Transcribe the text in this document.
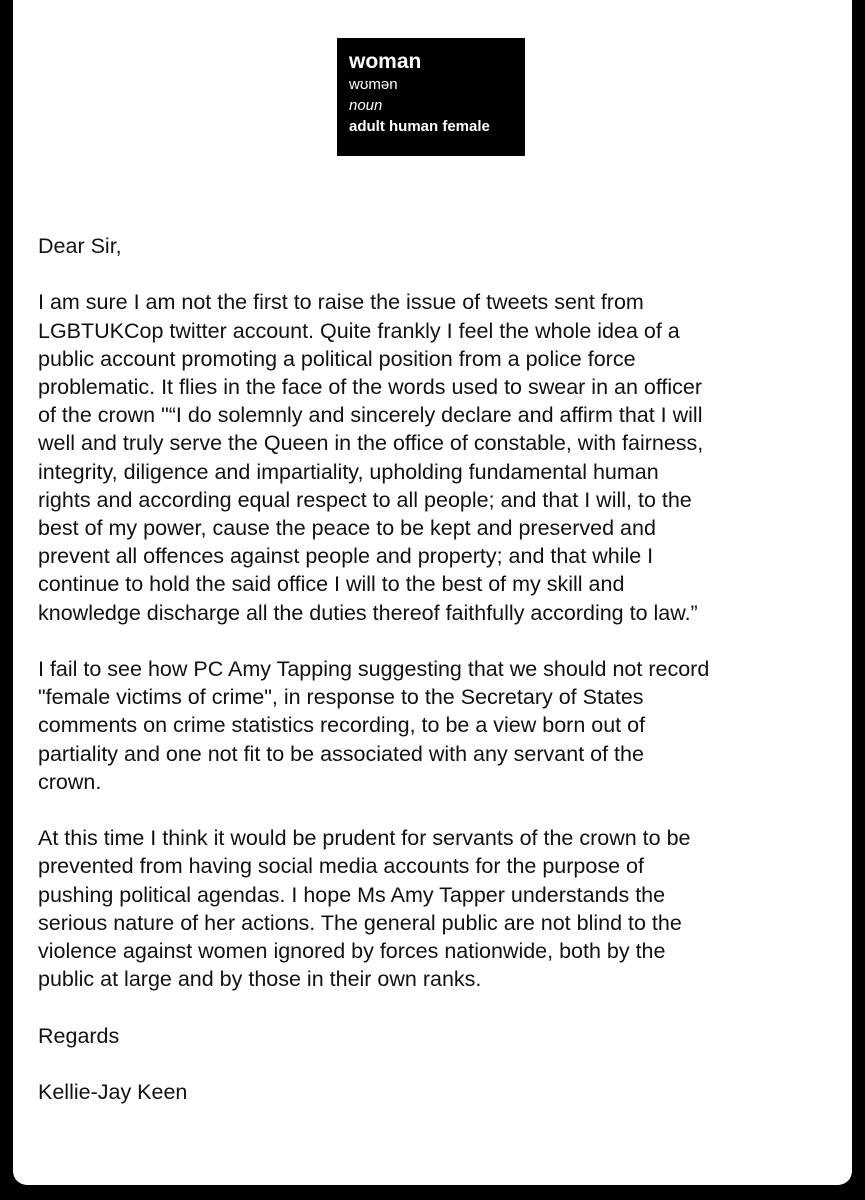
woman
wʊmən
noun
adult human female

Dear Sir,

I am sure I am not the first to raise the issue of tweets sent from
LGBTUKCop twitter account. Quite frankly I feel the whole idea of a
public account promoting a political position from a police force
problematic. It flies in the face of the words used to swear in an officer
of the crown "“I do solemnly and sincerely declare and affirm that I will
well and truly serve the Queen in the office of constable, with fairness,
integrity, diligence and impartiality, upholding fundamental human
rights and according equal respect to all people; and that I will, to the
best of my power, cause the peace to be kept and preserved and
prevent all offences against people and property; and that while I
continue to hold the said office I will to the best of my skill and
knowledge discharge all the duties thereof faithfully according to law.”

I fail to see how PC Amy Tapping suggesting that we should not record
"female victims of crime", in response to the Secretary of States
comments on crime statistics recording, to be a view born out of
partiality and one not fit to be associated with any servant of the
crown.

At this time I think it would be prudent for servants of the crown to be
prevented from having social media accounts for the purpose of
pushing political agendas. I hope Ms Amy Tapper understands the
serious nature of her actions. The general public are not blind to the
violence against women ignored by forces nationwide, both by the
public at large and by those in their own ranks.

Regards

Kellie-Jay Keen
